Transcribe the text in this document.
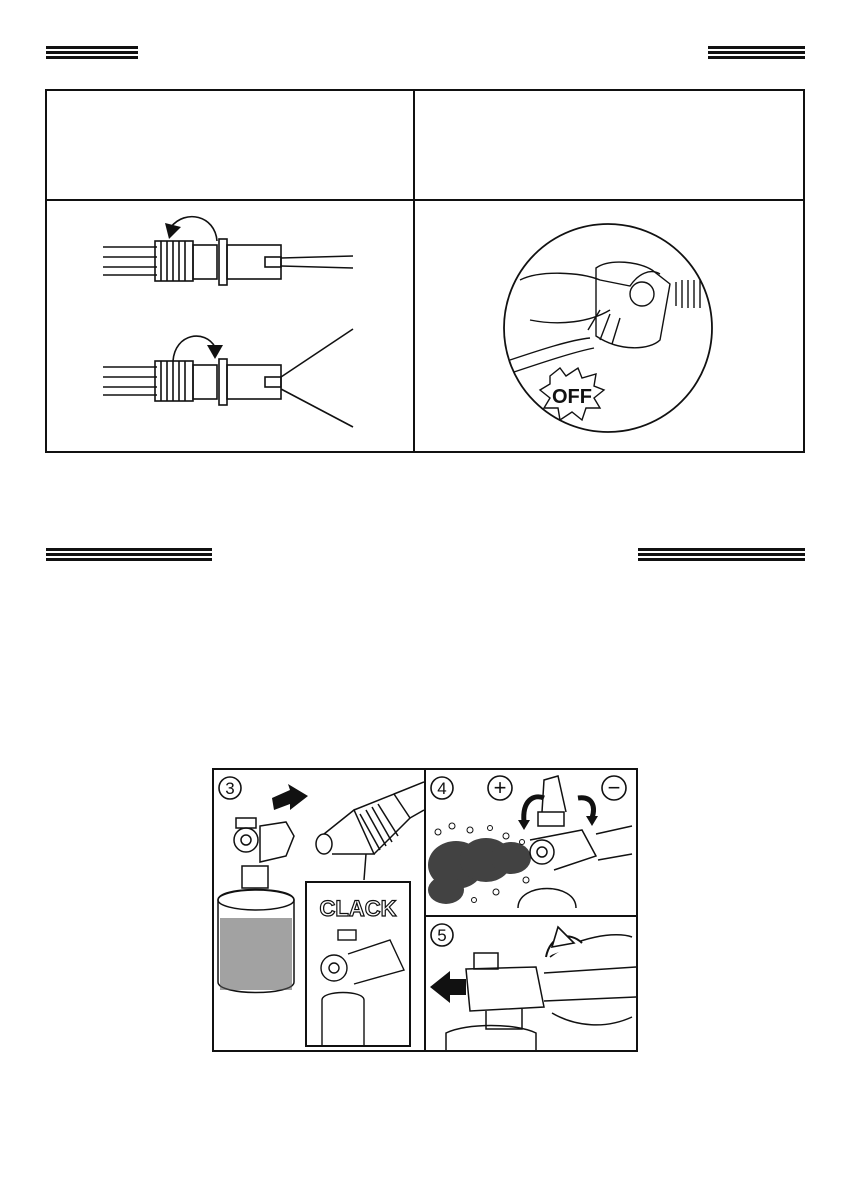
OFF
3
CLACK
4 +	−
5
